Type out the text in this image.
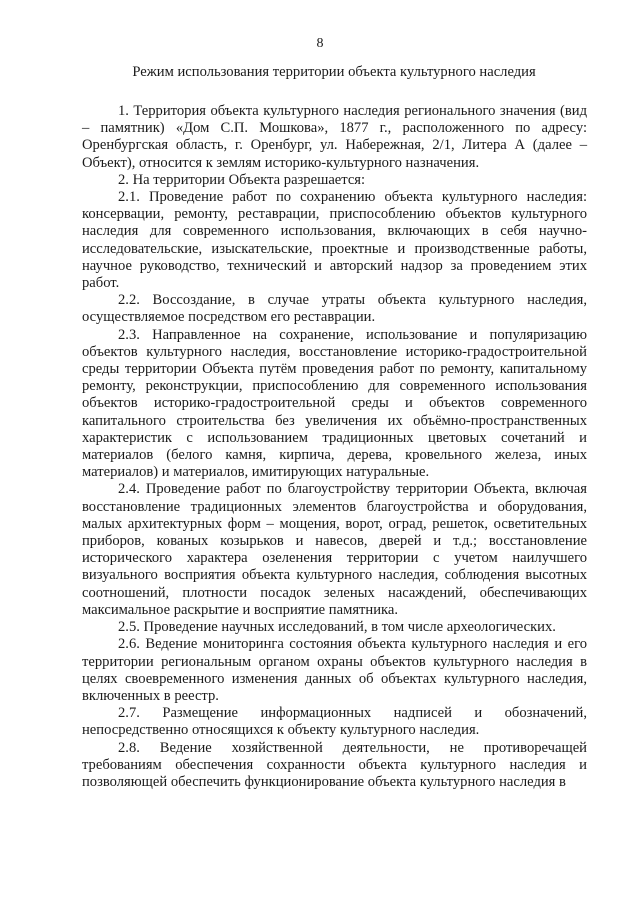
8
Режим использования территории объекта культурного наследия

1. Территория объекта культурного наследия регионального значения (вид – памятник) «Дом С.П. Мошкова», 1877 г., расположенного по адресу: Оренбургская область, г. Оренбург, ул. Набережная, 2/1, Литера А (далее – Объект), относится к землям историко-культурного назначения.

2. На территории Объекта разрешается:

2.1. Проведение работ по сохранению объекта культурного наследия: консервации, ремонту, реставрации, приспособлению объектов культурного наследия для современного использования, включающих в себя научно-исследовательские, изыскательские, проектные и производственные работы, научное руководство, технический и авторский надзор за проведением этих работ.

2.2. Воссоздание, в случае утраты объекта культурного наследия, осуществляемое посредством его реставрации.

2.3. Направленное на сохранение, использование и популяризацию объектов культурного наследия, восстановление историко-градостроительной среды территории Объекта путём проведения работ по ремонту, капитальному ремонту, реконструкции, приспособлению для современного использования объектов историко-градостроительной среды и объектов современного капитального строительства без увеличения их объёмно-пространственных характеристик с использованием традиционных цветовых сочетаний и материалов (белого камня, кирпича, дерева, кровельного железа, иных материалов) и материалов, имитирующих натуральные.

2.4. Проведение работ по благоустройству территории Объекта, включая восстановление традиционных элементов благоустройства и оборудования, малых архитектурных форм – мощения, ворот, оград, решеток, осветительных приборов, кованых козырьков и навесов, дверей и т.д.; восстановление исторического характера озеленения территории с учетом наилучшего визуального восприятия объекта культурного наследия, соблюдения высотных соотношений, плотности посадок зеленых насаждений, обеспечивающих максимальное раскрытие и восприятие памятника.

2.5. Проведение научных исследований, в том числе археологических.

2.6. Ведение мониторинга состояния объекта культурного наследия и его территории региональным органом охраны объектов культурного наследия в целях своевременного изменения данных об объектах культурного наследия, включенных в реестр.

2.7. Размещение информационных надписей и обозначений, непосредственно относящихся к объекту культурного наследия.

2.8. Ведение хозяйственной деятельности, не противоречащей требованиям обеспечения сохранности объекта культурного наследия и позволяющей обеспечить функционирование объекта культурного наследия в
